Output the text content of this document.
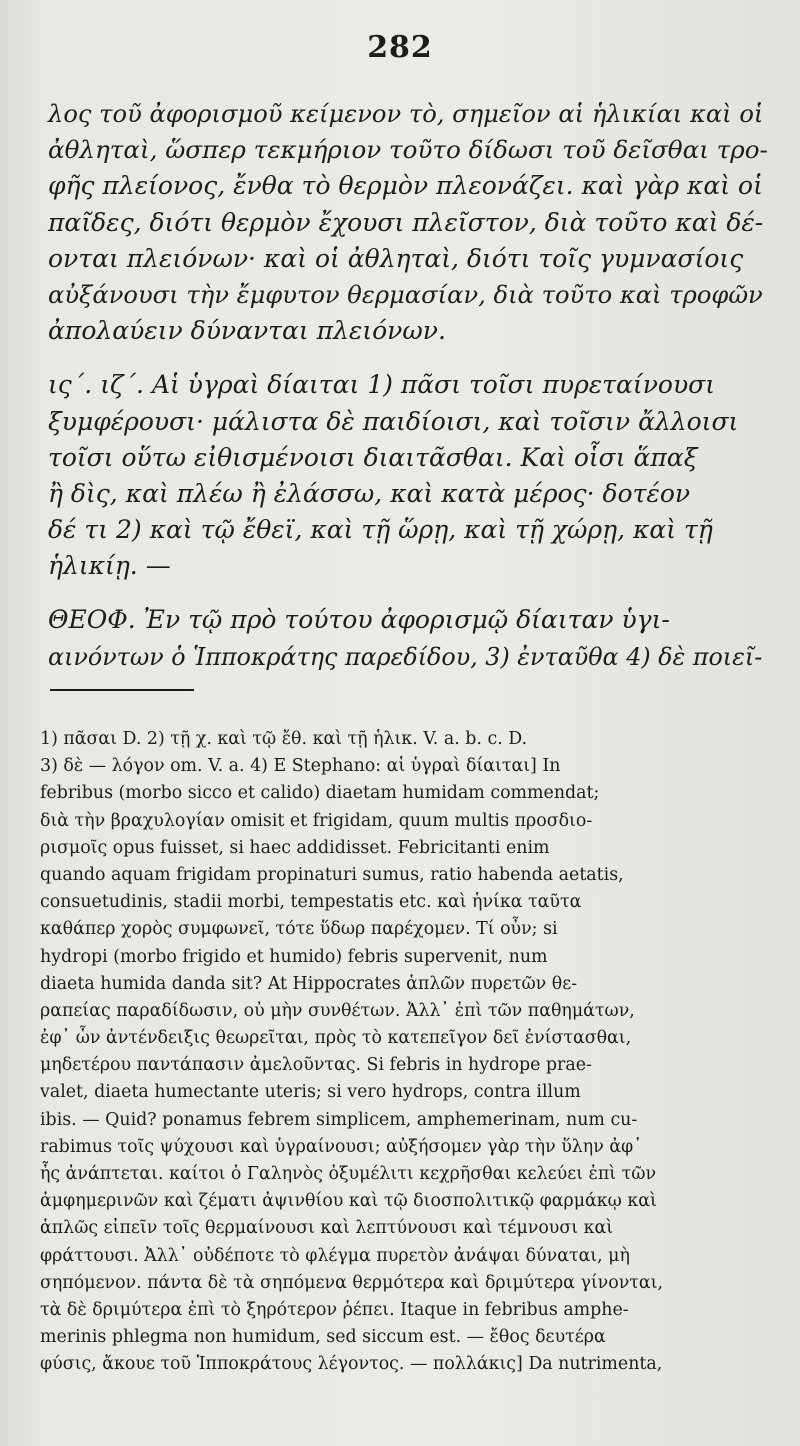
282
λος τοῦ ἀφορισμοῦ κείμενον τὸ, σημεῖον αἱ ἡλικίαι καὶ οἱ
ἀθληταὶ, ὥσπερ τεκμήριον τοῦτο δίδωσι τοῦ δεῖσθαι τρο-
φῆς πλείονος, ἔνθα τὸ θερμὸν πλεονάζει. καὶ γὰρ καὶ οἱ
παῖδες, διότι θερμὸν ἔχουσι πλεῖστον, διὰ τοῦτο καὶ δέ-
ονται πλειόνων· καὶ οἱ ἀθληταὶ, διότι τοῖς γυμνασίοις
αὐξάνουσι τὴν ἔμφυτον θερμασίαν, διὰ τοῦτο καὶ τροφῶν
ἀπολαύειν δύνανται πλειόνων.
ις΄. ιζ΄. Αἱ ὑγραὶ δίαιται 1) πᾶσι τοῖσι πυρεταίνουσι
ξυμφέρουσι· μάλιστα δὲ παιδίοισι, καὶ τοῖσιν ἄλλοισι
τοῖσι οὕτω εἰθισμένοισι διαιτᾶσθαι. Καὶ οἷσι ἅπαξ
ἢ δὶς, καὶ πλέω ἢ ἐλάσσω, καὶ κατὰ μέρος· δοτέον
δέ τι 2) καὶ τῷ ἔθεϊ, καὶ τῇ ὥρῃ, καὶ τῇ χώρῃ, καὶ τῇ
ἡλικίῃ. —
ΘΕΟΦ. Ἐν τῷ πρὸ τούτου ἀφορισμῷ δίαιταν ὑγι-
αινόντων ὁ Ἱπποκράτης παρεδίδου, 3) ἐνταῦθα 4) δὲ ποιεῖ-
1) πᾶσαι D. 2) τῇ χ. καὶ τῷ ἔθ. καὶ τῇ ἡλικ. V. a. b. c. D.
3) δὲ — λόγον om. V. a. 4) E Stephano: αἱ ὑγραὶ δίαιται] In
febribus (morbo sicco et calido) diaetam humidam commendat;
διὰ τὴν βραχυλογίαν omisit et frigidam, quum multis προσδιο-
ρισμοῖς opus fuisset, si haec addidisset. Febricitanti enim
quando aquam frigidam propinaturi sumus, ratio habenda aetatis,
consuetudinis, stadii morbi, tempestatis etc. καὶ ἡνίκα ταῦτα
καθάπερ χορὸς συμφωνεῖ, τότε ὕδωρ παρέχομεν. Τί οὖν; si
hydropi (morbo frigido et humido) febris supervenit, num
diaeta humida danda sit? At Hippocrates ἁπλῶν πυρετῶν θε-
ραπείας παραδίδωσιν, οὐ μὴν συνθέτων. Ἀλλ᾽ ἐπὶ τῶν παθημάτων,
ἐφ᾽ ὧν ἀντένδειξις θεωρεῖται, πρὸς τὸ κατεπεῖγον δεῖ ἐνίστασθαι,
μηδετέρου παντάπασιν ἀμελοῦντας. Si febris in hydrope prae-
valet, diaeta humectante uteris; si vero hydrops, contra illum
ibis. — Quid? ponamus febrem simplicem, amphemerinam, num cu-
rabimus τοῖς ψύχουσι καὶ ὑγραίνουσι; αὐξήσομεν γὰρ τὴν ὕλην ἀφ᾽
ἧς ἀνάπτεται. καίτοι ὁ Γαληνὸς ὀξυμέλιτι κεχρῆσθαι κελεύει ἐπὶ τῶν
ἀμφημερινῶν καὶ ζέματι ἀψινθίου καὶ τῷ διοσπολιτικῷ φαρμάκῳ καὶ
ἁπλῶς εἰπεῖν τοῖς θερμαίνουσι καὶ λεπτύνουσι καὶ τέμνουσι καὶ
φράττουσι. Ἀλλ᾽ οὐδέποτε τὸ φλέγμα πυρετὸν ἀνάψαι δύναται, μὴ
σηπόμενον. πάντα δὲ τὰ σηπόμενα θερμότερα καὶ δριμύτερα γίνονται,
τὰ δὲ δριμύτερα ἐπὶ τὸ ξηρότερον ῥέπει. Itaque in febribus amphe-
merinis phlegma non humidum, sed siccum est. — ἔθος δευτέρα
φύσις, ἄκουε τοῦ Ἱπποκράτους λέγοντος. — πολλάκις] Da nutrimenta,
